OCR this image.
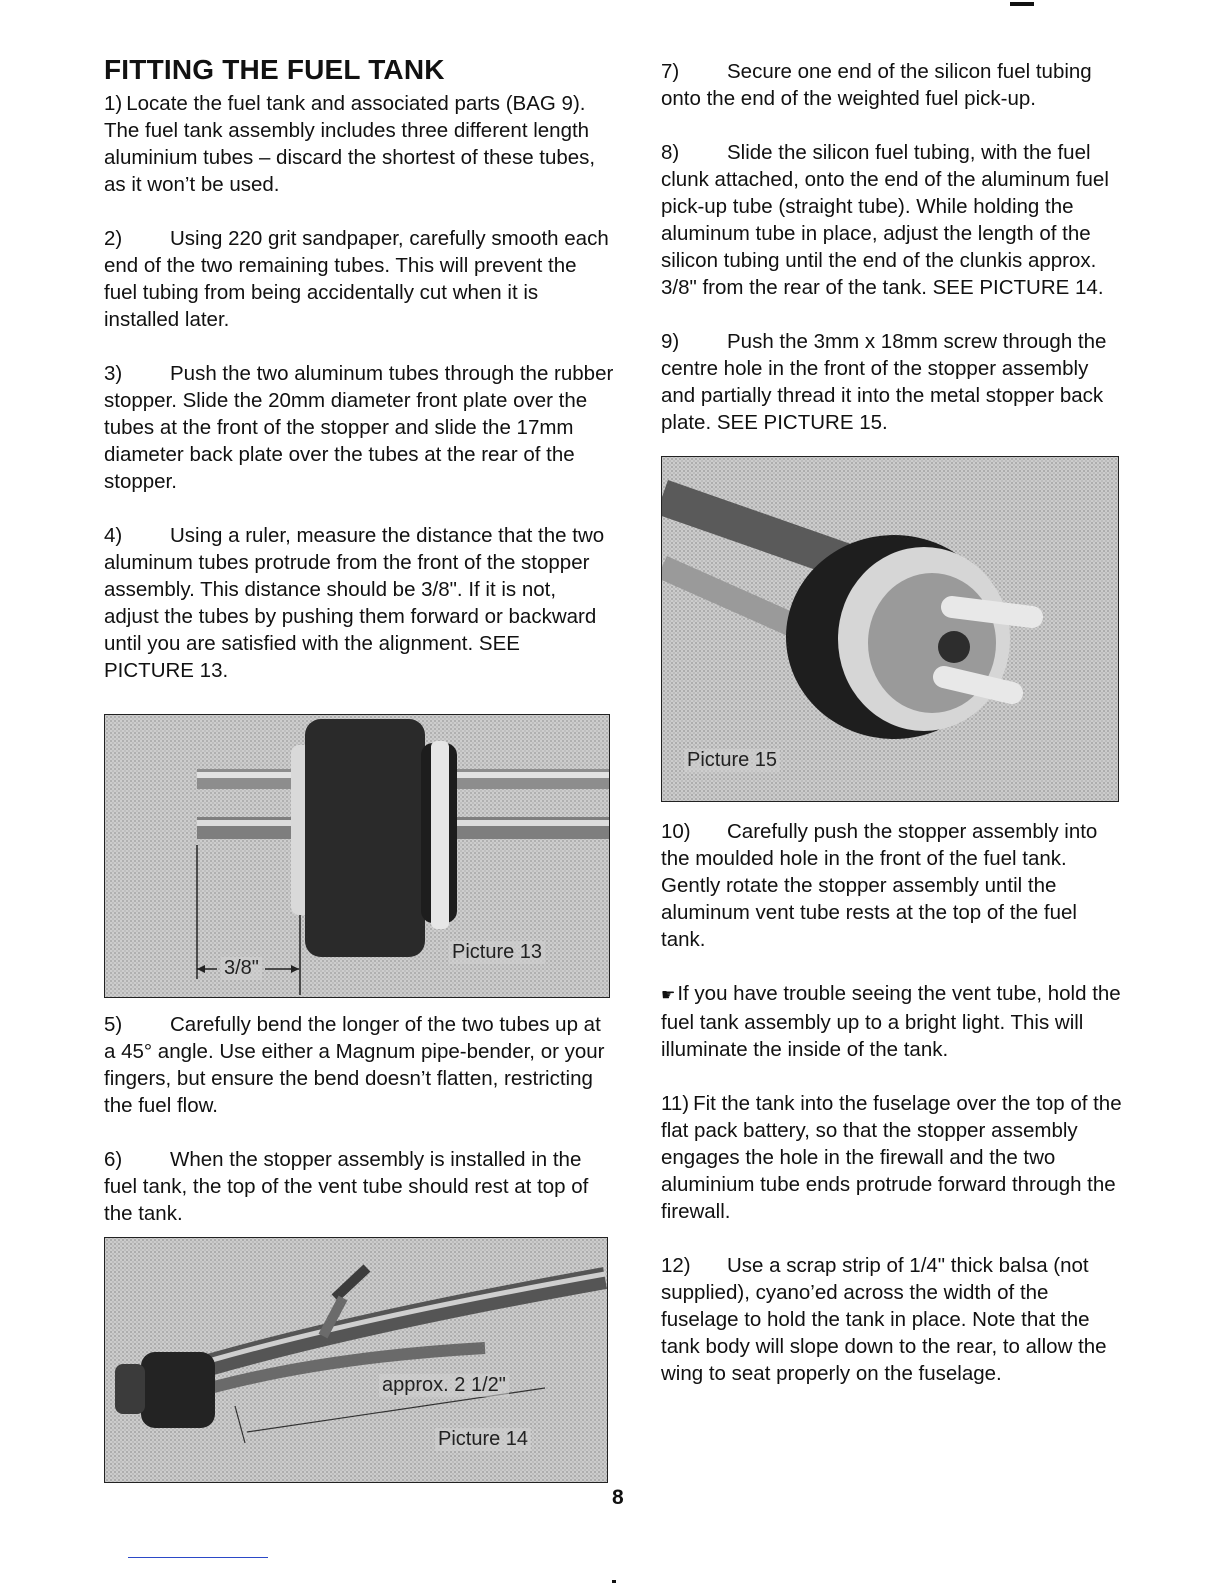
FITTING THE FUEL TANK

1) Locate the fuel tank and associated parts (BAG 9). The fuel tank assembly includes three different length aluminium tubes – discard the shortest of these tubes, as it won’t be used.

2) Using 220 grit sandpaper, carefully smooth each end of the two remaining tubes. This will prevent the fuel tubing from being accidentally cut when it is installed later.

3) Push the two aluminum tubes through the rubber stopper. Slide the 20mm diameter front plate over the tubes at the front of the stopper and slide the 17mm diameter back plate over the tubes at the rear of the stopper.

4) Using a ruler, measure the distance that the two aluminum tubes protrude from the front of the stopper assembly. This distance should be 3/8". If it is not, adjust the tubes by pushing them forward or backward until you are satisfied with the alignment. SEE PICTURE 13.

3/8"
Picture 13

5) Carefully bend the longer of the two tubes up at a 45° angle. Use either a Magnum pipe-bender, or your fingers, but ensure the bend doesn’t flatten, restricting the fuel flow.

6) When the stopper assembly is installed in the fuel tank, the top of the vent tube should rest at top of the tank.

approx. 2 1/2"
Picture 14

7) Secure one end of the silicon fuel tubing onto the end of the weighted fuel pick-up.

8) Slide the silicon fuel tubing, with the fuel clunk attached, onto the end of the aluminum fuel pick-up tube (straight tube). While holding the aluminum tube in place, adjust the length of the silicon tubing until the end of the clunkis approx. 3/8" from the rear of the tank. SEE PICTURE 14.

9) Push the 3mm x 18mm screw through the centre hole in the front of the stopper assembly and partially thread it into the metal stopper back plate. SEE PICTURE 15.

Picture 15

10) Carefully push the stopper assembly into the moulded hole in the front of the fuel tank. Gently rotate the stopper assembly until the aluminum vent tube rests at the top of the fuel tank.

☛If you have trouble seeing the vent tube, hold the fuel tank assembly up to a bright light. This will illuminate the inside of the tank.

11) Fit the tank into the fuselage over the top of the flat pack battery, so that the stopper assembly engages the hole in the firewall and the two aluminium tube ends protrude forward through the firewall.

12) Use a scrap strip of 1/4" thick balsa (not supplied), cyano’ed across the width of the fuselage to hold the tank in place. Note that the tank body will slope down to the rear, to allow the wing to seat properly on the fuselage.

8
